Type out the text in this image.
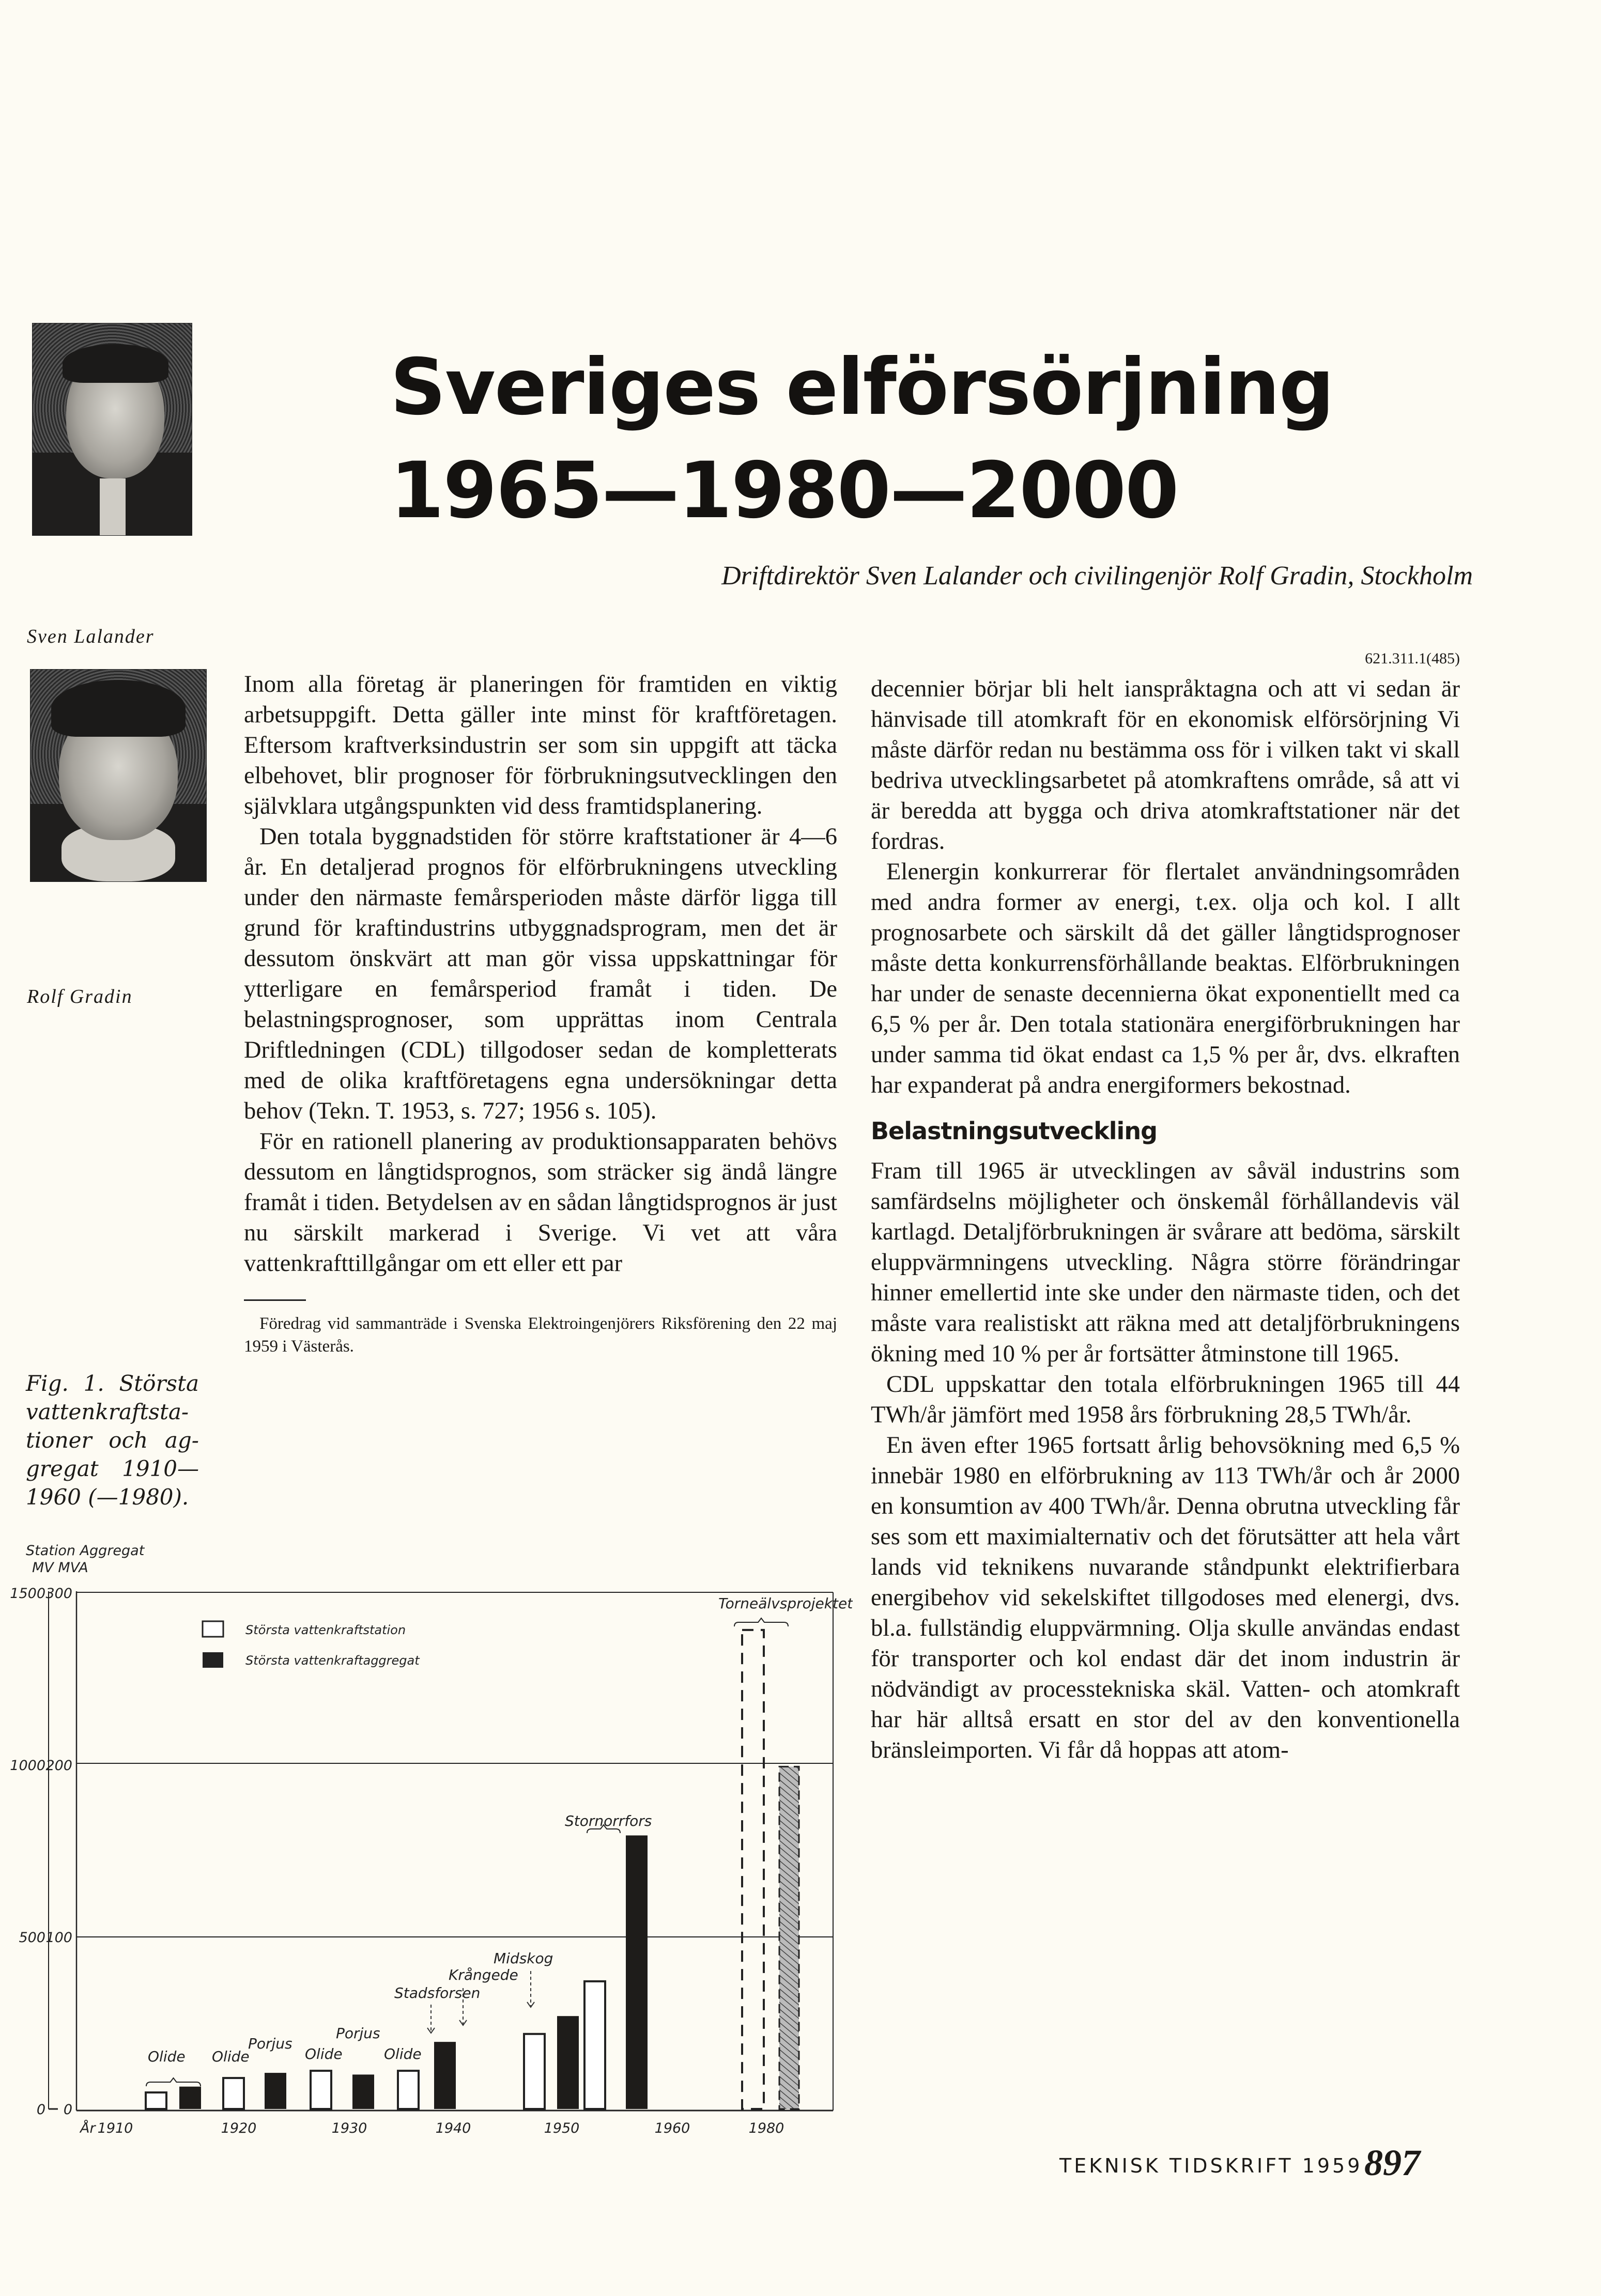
Sveriges elförsörjning
1965—1980—2000
Driftdirektör Sven Lalander och civilingenjör Rolf Gradin, Stockholm
Sven Lalander
Rolf Gradin
Fig. 1. Största vattenkraftsta-tioner och ag-gregat 1910—1960 (—1980).

Inom alla företag är planeringen för framtiden en viktig arbetsuppgift. Detta gäller inte minst för kraftföretagen. Eftersom kraftverksindustrin ser som sin uppgift att täcka elbehovet, blir prognoser för förbrukningsutvecklingen den självklara utgångspunkten vid dess framtidsplanering.

Den totala byggnadstiden för större kraftstationer är 4—6 år. En detaljerad prognos för elförbrukningens utveckling under den närmaste femårsperioden måste därför ligga till grund för kraftindustrins utbyggnadsprogram, men det är dessutom önskvärt att man gör vissa uppskattningar för ytterligare en femårsperiod framåt i tiden. De belastningsprognoser, som upprättas inom Centrala Driftledningen (CDL) tillgodoser sedan de kompletterats med de olika kraftföretagens egna undersökningar detta behov (Tekn. T. 1953, s. 727; 1956 s. 105).

För en rationell planering av produktionsapparaten behövs dessutom en långtidsprognos, som sträcker sig ändå längre framåt i tiden. Betydelsen av en sådan långtidsprognos är just nu särskilt markerad i Sverige. Vi vet att våra vattenkrafttillgångar om ett eller ett par

Föredrag vid sammanträde i Svenska Elektroingenjörers Riksförening den 22 maj 1959 i Västerås.

621.311.1(485)

decennier börjar bli helt ianspråktagna och att vi sedan är hänvisade till atomkraft för en ekonomisk elförsörjning Vi måste därför redan nu bestämma oss för i vilken takt vi skall bedriva utvecklingsarbetet på atomkraftens område, så att vi är beredda att bygga och driva atomkraftstationer när det fordras.

Elenergin konkurrerar för flertalet användningsområden med andra former av energi, t.ex. olja och kol. I allt prognosarbete och särskilt då det gäller långtidsprognoser måste detta konkurrensförhållande beaktas. Elförbrukningen har under de senaste decennierna ökat exponentiellt med ca 6,5 % per år. Den totala stationära energiförbrukningen har under samma tid ökat endast ca 1,5 % per år, dvs. elkraften har expanderat på andra energiformers bekostnad.

Belastningsutveckling

Fram till 1965 är utvecklingen av såväl industrins som samfärdselns möjligheter och önskemål förhållandevis väl kartlagd. Detaljförbrukningen är svårare att bedöma, särskilt eluppvärmningens utveckling. Några större förändringar hinner emellertid inte ske under den närmaste tiden, och det måste vara realistiskt att räkna med att detaljförbrukningens ökning med 10 % per år fortsätter åtminstone till 1965.

CDL uppskattar den totala elförbrukningen 1965 till 44 TWh/år jämfört med 1958 års förbrukning 28,5 TWh/år.

En även efter 1965 fortsatt årlig behovsökning med 6,5 % innebär 1980 en elförbrukning av 113 TWh/år och år 2000 en konsumtion av 400 TWh/år. Denna obrutna utveckling får ses som ett maximialternativ och det förutsätter att hela vårt lands vid teknikens nuvarande ståndpunkt elektrifierbara energibehov vid sekelskiftet tillgodoses med elenergi, dvs. bl.a. fullständig eluppvärmning. Olja skulle användas endast för transporter och kol endast där det inom industrin är nödvändigt av processtekniska skäl. Vatten- och atomkraft har här alltså ersatt en stor del av den konventionella bränsleimporten. Vi får då hoppas att atom-

Station Aggregat
MV MVA
0 0
500 100
1000 200
1500 300
År 1910	1920	1930	1940	1950	1960	1980
Största vattenkraftstation
Största vattenkraftaggregat
Olide Olide
Porjus
Olide
Porjus
Olide
Stadsforsen
Krångede
Midskog
Stornorrfors
Torneälvsprojektet
TEKNISK TIDSKRIFT 1959 897
